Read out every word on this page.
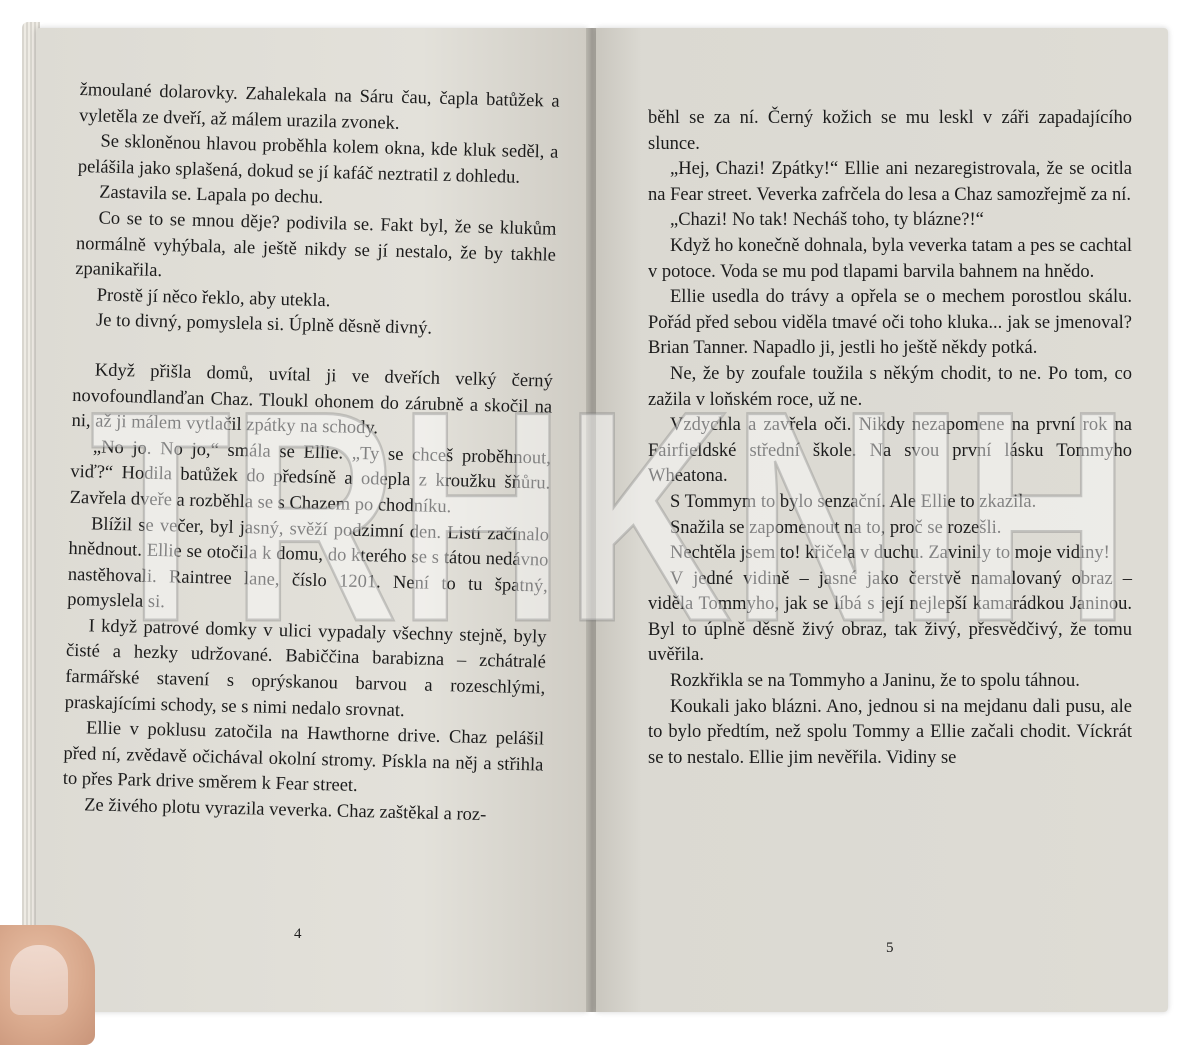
žmoulané dolarovky. Zahalekala na Sáru čau, čapla batůžek a vyletěla ze dveří, až málem urazila zvonek.

Se skloněnou hlavou proběhla kolem okna, kde kluk seděl, a pelášila jako splašená, dokud se jí kafáč neztratil z dohledu.

Zastavila se. Lapala po dechu.

Co se to se mnou děje? podivila se. Fakt byl, že se klukům normálně vyhýbala, ale ještě nikdy se jí nestalo, že by takhle zpanikařila.

Prostě jí něco řeklo, aby utekla.

Je to divný, pomyslela si. Úplně děsně divný.

Když přišla domů, uvítal ji ve dveřích velký černý novofoundlanďan Chaz. Tloukl ohonem do zárubně a skočil na ni, až ji málem vytlačil zpátky na schody.

„No jo. No jo,“ smála se Ellie. „Ty se chceš proběhnout, viď?“ Hodila batůžek do předsíně a odepla z kroužku šňůru. Zavřela dveře a rozběhla se s Chazem po chodníku.

Blížil se večer, byl jasný, svěží podzimní den. Listí začínalo hnědnout. Ellie se otočila k domu, do kterého se s tátou nedávno nastěhovali. Raintree lane, číslo 1201. Není to tu špatný, pomyslela si.

I když patrové domky v ulici vypadaly všechny stejně, byly čisté a hezky udržované. Babiččina barabizna – zchátralé farmářské stavení s oprýskanou barvou a rozeschlými, praskajícími schody, se s nimi nedalo srovnat.

Ellie v poklusu zatočila na Hawthorne drive. Chaz pelášil před ní, zvědavě očichával okolní stromy. Pískla na něj a střihla to přes Park drive směrem k Fear street.

Ze živého plotu vyrazila veverka. Chaz zaštěkal a roz-

4

běhl se za ní. Černý kožich se mu leskl v záři zapadajícího slunce.

„Hej, Chazi! Zpátky!“ Ellie ani nezaregistrovala, že se ocitla na Fear street. Veverka zafrčela do lesa a Chaz samozřejmě za ní.

„Chazi! No tak! Necháš toho, ty blázne?!“

Když ho konečně dohnala, byla veverka tatam a pes se cachtal v potoce. Voda se mu pod tlapami barvila bahnem na hnědo.

Ellie usedla do trávy a opřela se o mechem porostlou skálu. Pořád před sebou viděla tmavé oči toho kluka... jak se jmenoval? Brian Tanner. Napadlo ji, jestli ho ještě někdy potká.

Ne, že by zoufale toužila s někým chodit, to ne. Po tom, co zažila v loňském roce, už ne.

Vzdychla a zavřela oči. Nikdy nezapomene na první rok na Fairfieldské střední škole. Na svou první lásku Tommyho Wheatona.

S Tommym to bylo senzační. Ale Ellie to zkazila.

Snažila se zapomenout na to, proč se rozešli.

Nechtěla jsem to! křičela v duchu. Zavinily to moje vidiny!

V jedné vidině – jasné jako čerstvě namalovaný obraz – viděla Tommyho, jak se líbá s její nejlepší kamarádkou Janinou. Byl to úplně děsně živý obraz, tak živý, přesvědčivý, že tomu uvěřila.

Rozkřikla se na Tommyho a Janinu, že to spolu táhnou.

Koukali jako blázni. Ano, jednou si na mejdanu dali pusu, ale to bylo předtím, než spolu Tommy a Ellie začali chodit. Víckrát se to nestalo. Ellie jim nevěřila. Vidiny se

5
TRHKNIH
